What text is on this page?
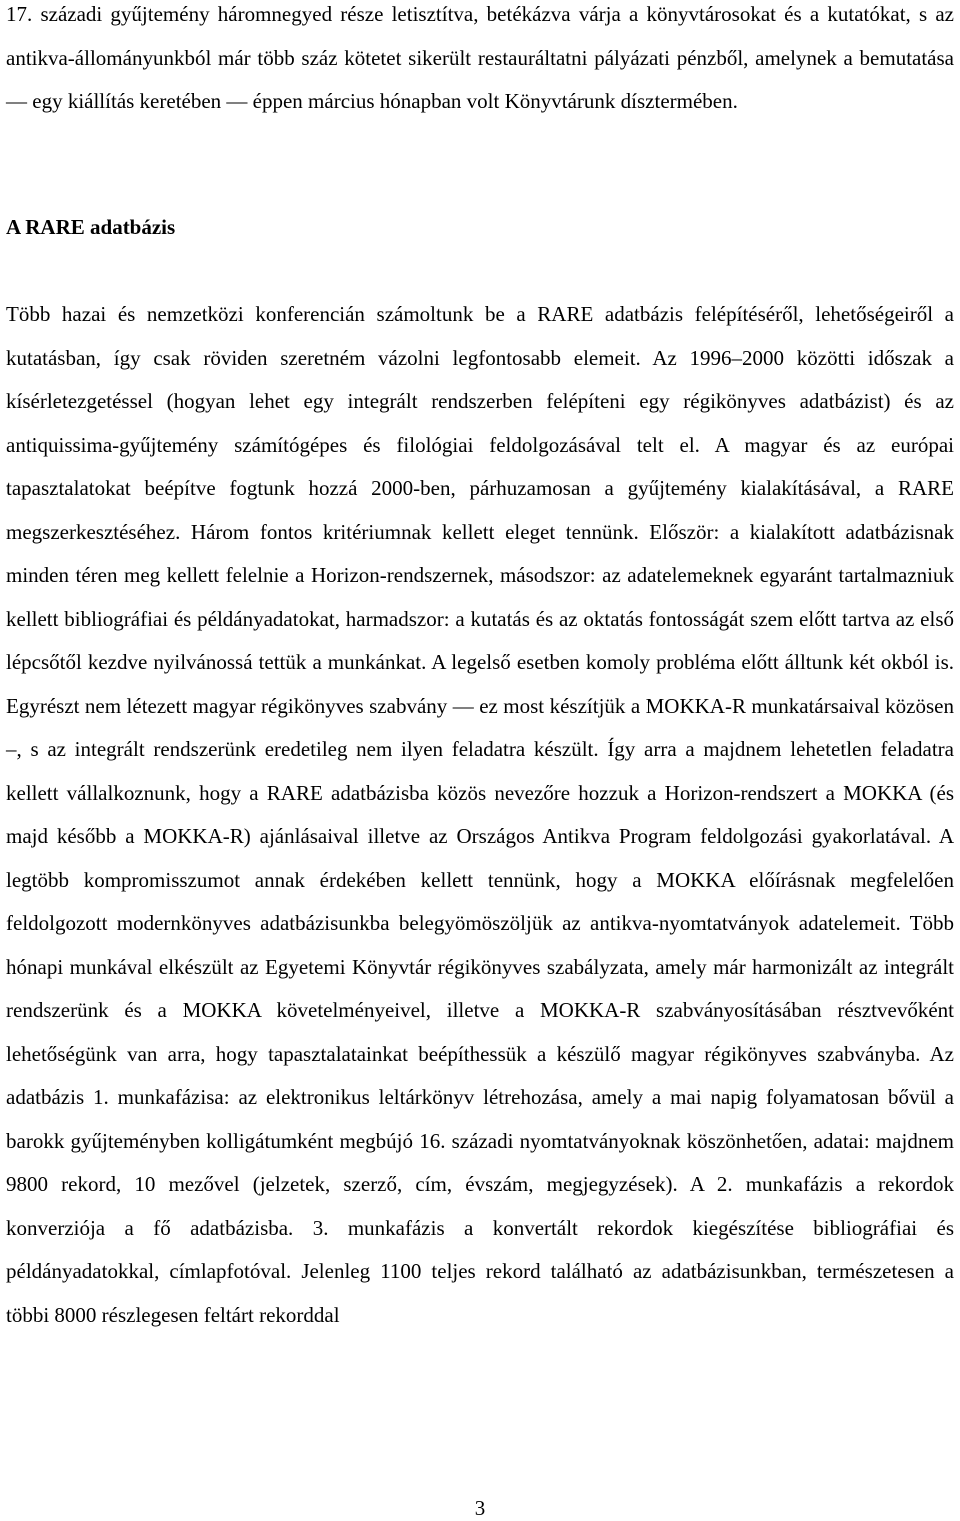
17. századi gyűjtemény háromnegyed része letisztítva, betékázva várja a könyvtárosokat és a kutatókat, s az antikva-állományunkból már több száz kötetet sikerült restauráltatni pályázati pénzből, amelynek a bemutatása — egy kiállítás keretében — éppen március hónapban volt Könyvtárunk dísztermében.

A RARE adatbázis

Több hazai és nemzetközi konferencián számoltunk be a RARE adatbázis felépítéséről, lehetőségeiről a kutatásban, így csak röviden szeretném vázolni legfontosabb elemeit. Az 1996–2000 közötti időszak a kísérletezgetéssel (hogyan lehet egy integrált rendszerben felépíteni egy régikönyves adatbázist) és az antiquissima-gyűjtemény számítógépes és filológiai feldolgozásával telt el. A magyar és az európai tapasztalatokat beépítve fogtunk hozzá 2000-ben, párhuzamosan a gyűjtemény kialakításával, a RARE megszerkesztéséhez. Három fontos kritériumnak kellett eleget tennünk. Először: a kialakított adatbázisnak minden téren meg kellett felelnie a Horizon-rendszernek, másodszor: az adatelemeknek egyaránt tartalmazniuk kellett bibliográfiai és példányadatokat, harmadszor: a kutatás és az oktatás fontosságát szem előtt tartva az első lépcsőtől kezdve nyilvánossá tettük a munkánkat. A legelső esetben komoly probléma előtt álltunk két okból is. Egyrészt nem létezett magyar régikönyves szabvány — ez most készítjük a MOKKA-R munkatársaival közösen –, s az integrált rendszerünk eredetileg nem ilyen feladatra készült. Így arra a majdnem lehetetlen feladatra kellett vállalkoznunk, hogy a RARE adatbázisba közös nevezőre hozzuk a Horizon-rendszert a MOKKA (és majd később a MOKKA-R) ajánlásaival illetve az Országos Antikva Program feldolgozási gyakorlatával. A legtöbb kompromisszumot annak érdekében kellett tennünk, hogy a MOKKA előírásnak megfelelően feldolgozott modernkönyves adatbázisunkba belegyömöszöljük az antikva-nyomtatványok adatelemeit. Több hónapi munkával elkészült az Egyetemi Könyvtár régikönyves szabályzata, amely már harmonizált az integrált rendszerünk és a MOKKA követelményeivel, illetve a MOKKA-R szabványosításában résztvevőként lehetőségünk van arra, hogy tapasztalatainkat beépíthessük a készülő magyar régikönyves szabványba. Az adatbázis 1. munkafázisa: az elektronikus leltárkönyv létrehozása, amely a mai napig folyamatosan bővül a barokk gyűjteményben kolligátumként megbújó 16. századi nyomtatványoknak köszönhetően, adatai: majdnem 9800 rekord, 10 mezővel (jelzetek, szerző, cím, évszám, megjegyzések). A 2. munkafázis a rekordok konverziója a fő adatbázisba. 3. munkafázis a konvertált rekordok kiegészítése bibliográfiai és példányadatokkal, címlapfotóval. Jelenleg 1100 teljes rekord található az adatbázisunkban, természetesen a többi 8000 részlegesen feltárt rekorddal

3
